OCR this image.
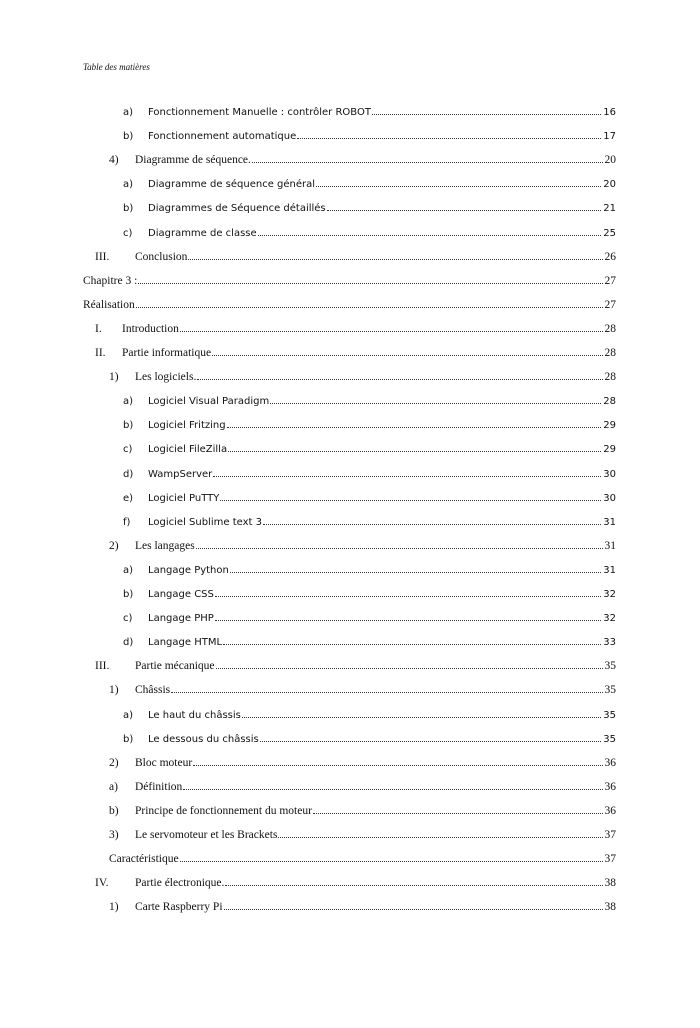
Table des matières
a)	Fonctionnement Manuelle : contrôler ROBOT	16
b)	Fonctionnement automatique	17
4)	Diagramme de séquence.	20
a)	Diagramme de séquence général	20
b)	Diagrammes de Séquence détaillés	21
c)	Diagramme de classe	25
III.	Conclusion	26
Chapitre 3 :	27
Réalisation	27
I.	Introduction	28
II.	Partie informatique	28
1)	Les logiciels.	28
a)	Logiciel Visual Paradigm	28
b)	Logiciel Fritzing	29
c)	Logiciel FileZilla	29
d)	WampServer	30
e)	Logiciel PuTTY	30
f)	Logiciel Sublime text 3	31
2)	Les langages	31
a)	Langage Python	31
b)	Langage CSS	32
c)	Langage PHP	32
d)	Langage HTML	33
III.	Partie mécanique	35
1)	Châssis	35
a)	Le haut du châssis	35
b)	Le dessous du châssis	35
2)	Bloc moteur	36
a)	Définition	36
b)	Principe de fonctionnement du moteur	36
3)	Le servomoteur et les Brackets	37
Caractéristique	37
IV.	Partie électronique.	38
1)	Carte Raspberry Pi	38
